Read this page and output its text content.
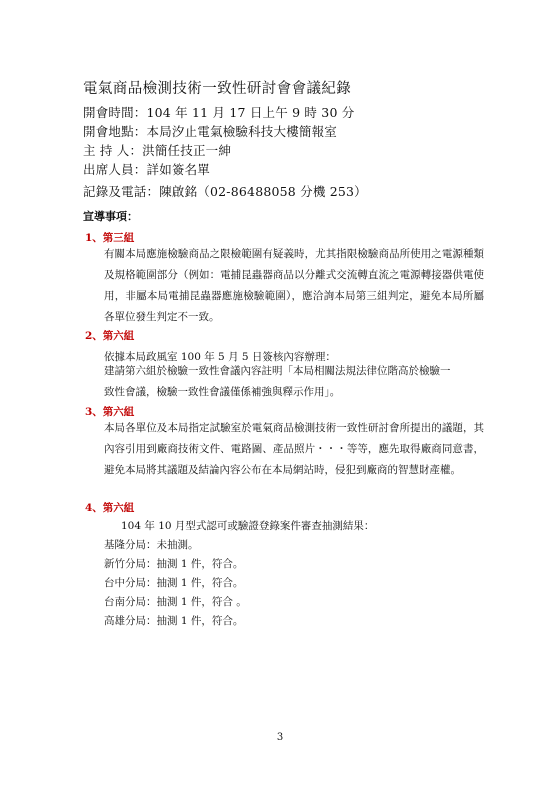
電氣商品檢測技術一致性研討會會議紀錄
開會時間：104 年 11 月 17 日上午 9 時 30 分
開會地點：本局汐止電氣檢驗科技大樓簡報室
主 持 人：洪簡任技正一紳
出席人員：詳如簽名單
記錄及電話：陳啟銘（02-86488058 分機 253）
宣導事項：
1、第三組
有關本局應施檢驗商品之限檢範圍有疑義時，尤其指限檢驗商品所使用之電源種類及規格範圍部分（例如：電捕昆蟲器商品以分離式交流轉直流之電源轉接器供電使用，非屬本局電捕昆蟲器應施檢驗範圍），應洽詢本局第三組判定，避免本局所屬各單位發生判定不一致。
2、第六組
依據本局政風室 100 年 5 月 5 日簽核內容辦理：
建請第六組於檢驗一致性會議內容註明「本局相關法規法律位階高於檢驗一
致性會議，檢驗一致性會議僅係補強與釋示作用」。
3、第六組
本局各單位及本局指定試驗室於電氣商品檢測技術一致性研討會所提出的議題，其內容引用到廠商技術文件、電路圖、產品照片・・・等等，應先取得廠商同意書，避免本局將其議題及結論內容公布在本局網站時，侵犯到廠商的智慧財產權。
4、第六組
104 年 10 月型式認可或驗證登錄案件審查抽測結果：
基隆分局：未抽測。
新竹分局：抽測 1 件，符合。
台中分局：抽測 1 件，符合。
台南分局：抽測 1 件，符合 。
高雄分局：抽測 1 件，符合。
3
